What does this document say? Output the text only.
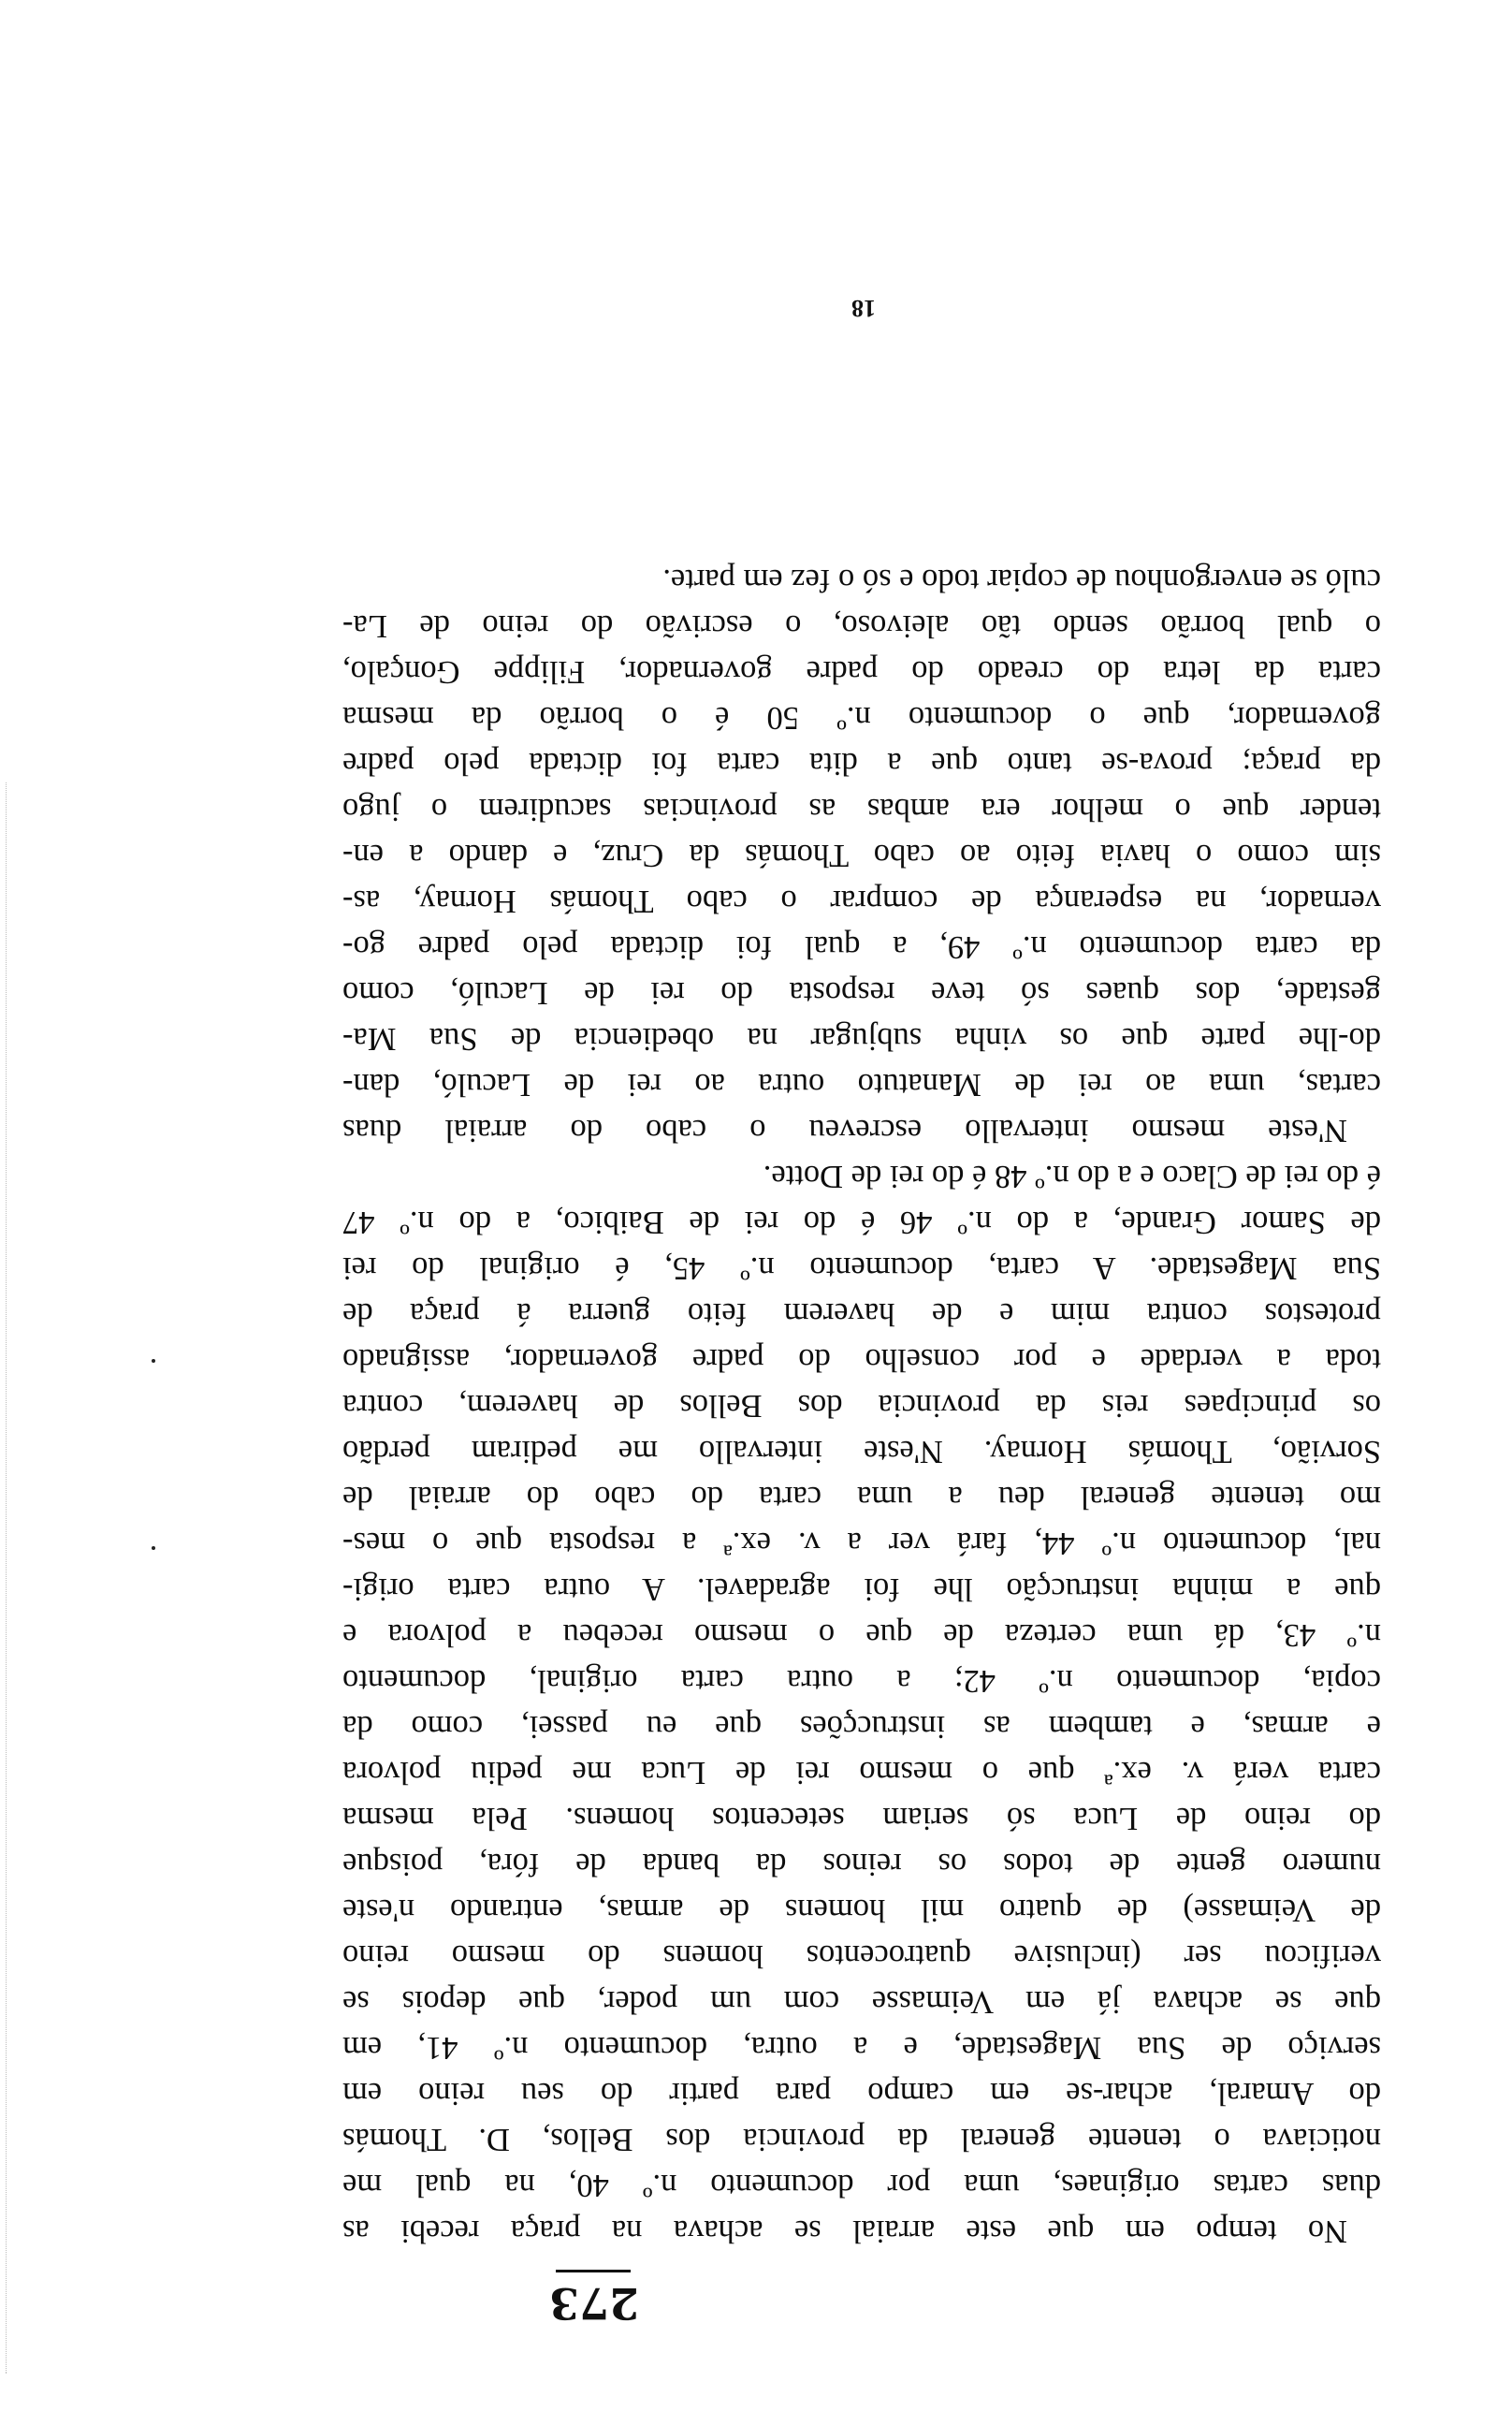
273
No tempo em que este arraial se achava na praça recebi as
duas cartas originaes, uma por documento n.º 40, na qual me
noticiava o tenente general da provincia dos Bellos, D. Thomás
do Amaral, achar-se em campo para partir do seu reino em
serviço de Sua Magestade, e a outra, documento n.º 41, em
que se achava já em Veimasse com um poder, que depois se
verificou ser (inclusive quatrocentos homens do mesmo reino
de Veimasse) de quatro mil homens de armas, entrando n'este
numero gente de todos os reinos da banda de fóra, poisque
do reino de Luca só seriam setecentos homens. Pela mesma
carta verá v. ex.ª que o mesmo rei de Luca me pediu polvora
e armas, e tambem as instrucções que eu passei, como da
copia, documento n.º 42; a outra carta original, documento
n.º 43, dá uma certeza de que o mesmo recebeu a polvora e
que a minha instrucção lhe foi agradavel. A outra carta origi-
nal, documento n.º 44, fará ver a v. ex.ª a resposta que o mes-
mo tenente general deu a uma carta do cabo do arraial de
Sorvião, Thomás Hornay. N'este intervallo me pediram perdão
os principaes reis da provincia dos Bellos de haverem, contra
toda a verdade e por conselho do padre governador, assignado
protestos contra mim e de haverem feito guerra á praça de
Sua Magestade. A carta, documento n.º 45, é original do rei
de Samor Grande, a do n.º 46 é do rei de Baibico, a do n.º 47
é do rei de Claco e a do n.º 48 é do rei de Dotte.
N'este mesmo intervallo escreveu o cabo do arraial duas
cartas, uma ao rei de Manatuto outra ao rei de Laculó, dan-
do-lhe parte que os vinha subjugar na obediencia de Sua Ma-
gestade, dos quaes só teve resposta do rei de Laculó, como
da carta documento n.º 49, a qual foi dictada pelo padre go-
vernador, na esperança de comprar o cabo Thomás Hornay, as-
sim como o havia feito ao cabo Thomás da Cruz, e dando a en-
tender que o melhor era ambas as provincias sacudirem o jugo
da praça; prova-se tanto que a dita carta foi dictada pelo padre
governador, que o documento n.º 50 é o borrão da mesma
carta da letra do creado do padre governador, Filippe Gonçalo,
o qual borrão sendo tão aleivoso, o escrivão do reino de La-
culó se envergonhou de copiar todo e só o fez em parte.
18
